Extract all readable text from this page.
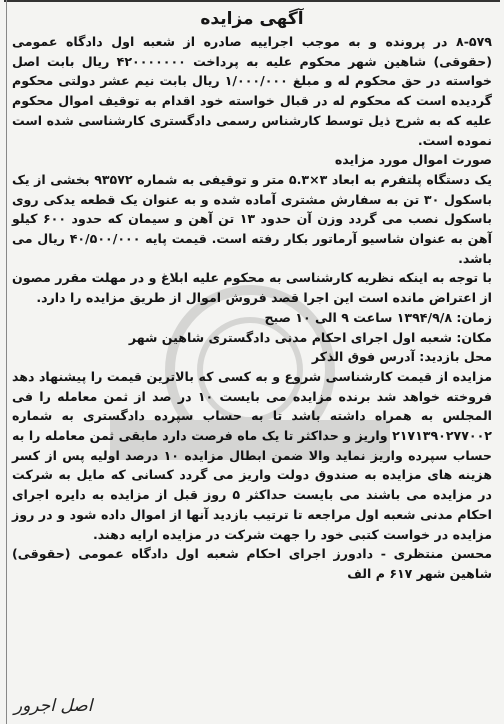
آگهی مزایده

۸-۵۷۹ در پرونده و به موجب اجراییه صادره از شعبه اول دادگاه عمومی (حقوقی) شاهین شهر محکوم علیه به پرداخت ۴۲۰۰۰۰۰۰۰ ریال بابت اصل خواسته در حق محکوم له و مبلغ ۱/۰۰۰/۰۰۰ ریال بابت نیم عشر دولتی محکوم گردیده است که محکوم له در قبال خواسته خود اقدام به توقیف اموال محکوم علیه که به شرح ذیل توسط کارشناس رسمی دادگستری کارشناسی شده است نموده است.

صورت اموال مورد مزایده

یک دستگاه پلتفرم به ابعاد ۳×۵.۳ متر و توقیفی به شماره ۹۳۵۷۲ بخشی از یک باسکول ۳۰ تن به سفارش مشتری آماده شده و به عنوان یک قطعه یدکی روی باسکول نصب می گردد وزن آن حدود ۱۳ تن آهن و سیمان که حدود ۶۰۰ کیلو آهن به عنوان شاسیو آرماتور بکار رفته است. قیمت پایه ۴۰/۵۰۰/۰۰۰ ریال می باشد.

با توجه به اینکه نظریه کارشناسی به محکوم علیه ابلاغ و در مهلت مقرر مصون از اعتراض مانده است این اجرا قصد فروش اموال از طریق مزایده را دارد.

زمان: ۱۳۹۴/۹/۸ ساعت ۹ الی ۱۰ صبح

مکان: شعبه اول اجرای احکام مدنی دادگستری شاهین شهر

محل بازدید: آدرس فوق الذکر

مزایده از قیمت کارشناسی شروع و به کسی که بالاترین قیمت را پیشنهاد دهد فروخته خواهد شد برنده مزایده می بایست ۱۰ در صد از ثمن معامله را فی المجلس به همراه داشته باشد تا به حساب سپرده دادگستری به شماره ۲۱۷۱۳۹۰۲۷۷۰۰۲ واریز و حداکثر تا یک ماه فرصت دارد مابقی ثمن معامله را به حساب سپرده واریز نماید والا ضمن ابطال مزایده ۱۰ درصد اولیه پس از کسر هزینه های مزایده به صندوق دولت واریز می گردد کسانی که مایل به شرکت در مزایده می باشند می بایست حداکثر ۵ روز قبل از مزایده به دایره اجرای احکام مدنی شعبه اول مراجعه تا ترتیب بازدید آنها از اموال داده شود و در روز مزایده در خواست کتبی خود را جهت شرکت در مزایده ارایه دهند.

محسن منتظری - دادورز اجرای احکام شعبه اول دادگاه عمومی (حقوقی) شاهین شهر ۶۱۷ م الف

اصل اجرور
